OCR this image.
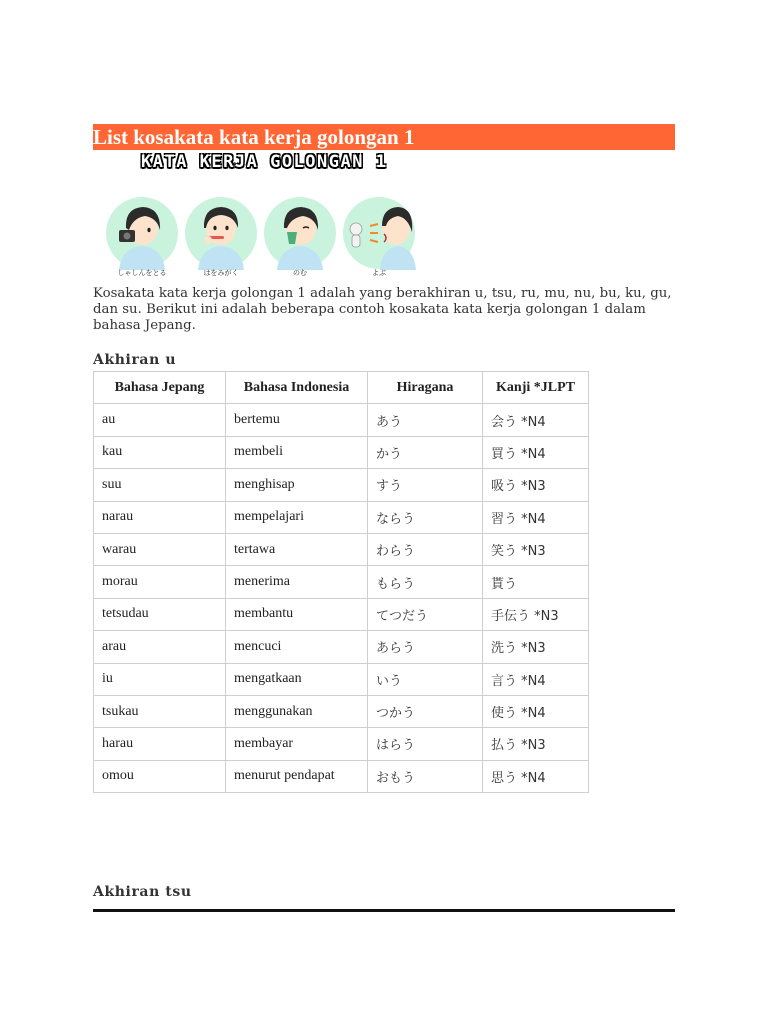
List kosakata kata kerja golongan 1
KATA KERJA GOLONGAN 1
しゃしんをとる	はをみがく	のむ	よぶ
Kosakata kata kerja golongan 1 adalah yang berakhiran u, tsu, ru, mu, nu, bu, ku, gu, dan su. Berikut ini adalah beberapa contoh kosakata kata kerja golongan 1 dalam bahasa Jepang.
Akhiran u
Bahasa Jepang	Bahasa Indonesia	Hiragana	Kanji *JLPT
au	bertemu	あう	会う *N4
kau	membeli	かう	買う *N4
suu	menghisap	すう	吸う *N3
narau	mempelajari	ならう	習う *N4
warau	tertawa	わらう	笑う *N3
morau	menerima	もらう	貰う
tetsudau	membantu	てつだう	手伝う *N3
arau	mencuci	あらう	洗う *N3
iu	mengatkaan	いう	言う *N4
tsukau	menggunakan	つかう	使う *N4
harau	membayar	はらう	払う *N3
omou	menurut pendapat	おもう	思う *N4
Akhiran tsu
